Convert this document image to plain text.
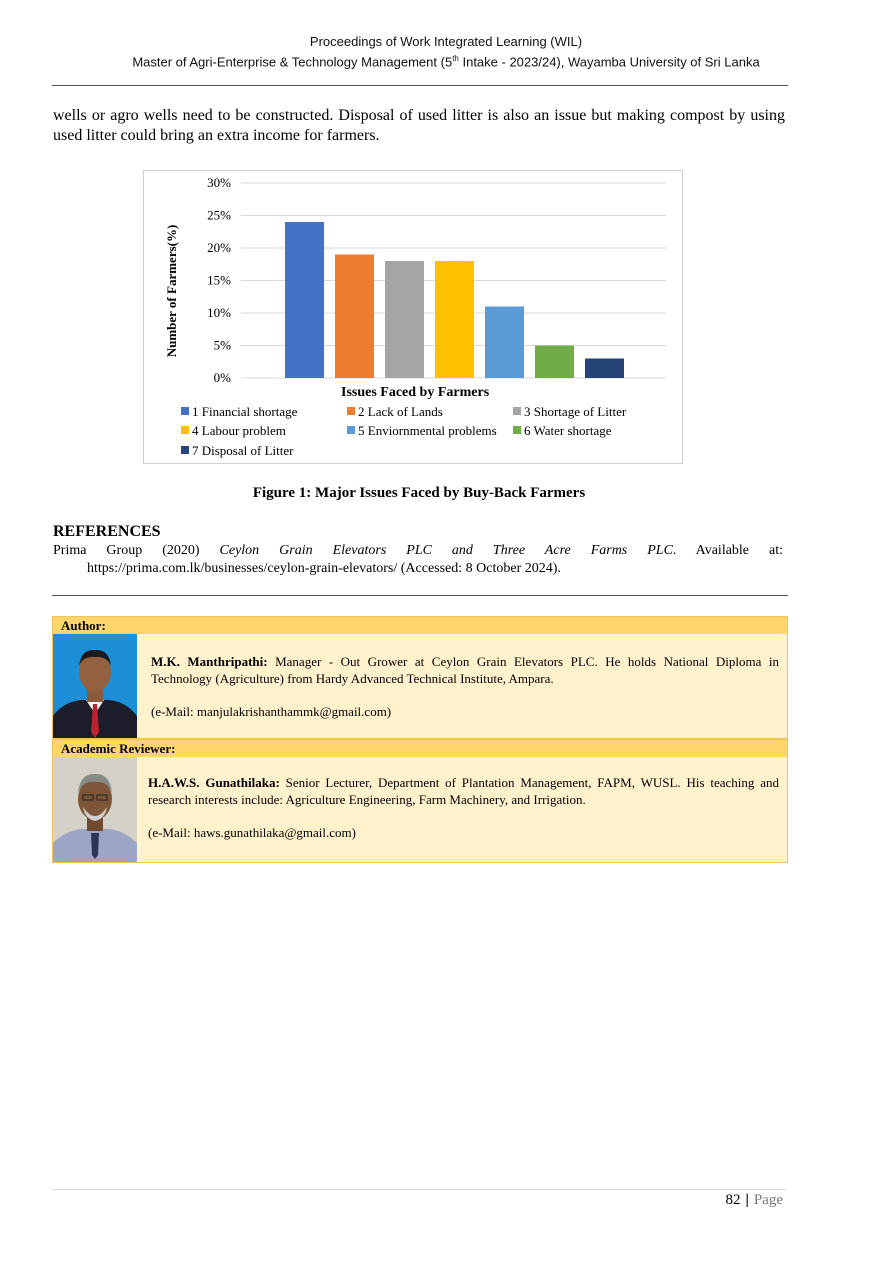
Proceedings of Work Integrated Learning (WIL)
Master of Agri-Enterprise & Technology Management (5th Intake - 2023/24), Wayamba University of Sri Lanka
wells or agro wells need to be constructed. Disposal of used litter is also an issue but making compost by using used litter could bring an extra income for farmers.
0%
5%
10%
15%
20%
25%
30%
Number of Farmers(%)
Issues Faced by Farmers
1 Financial shortage	2 Lack of Lands	3 Shortage of Litter
4 Labour problem	5 Enviornmental problems	6 Water shortage
7 Disposal of Litter
Figure 1: Major Issues Faced by Buy-Back Farmers
REFERENCES
Prima Group (2020) Ceylon Grain Elevators PLC and Three Acre Farms PLC. Available at:
https://prima.com.lk/businesses/ceylon-grain-elevators/ (Accessed: 8 October 2024).
Author:

M.K. Manthripathi: Manager - Out Grower at Ceylon Grain Elevators PLC. He holds National Diploma in Technology (Agriculture) from Hardy Advanced Technical Institute, Ampara.

(e-Mail: manjulakrishanthammk@gmail.com)

Academic Reviewer:

H.A.W.S. Gunathilaka: Senior Lecturer, Department of Plantation Management, FAPM, WUSL. His teaching and research interests include: Agriculture Engineering, Farm Machinery, and Irrigation.

(e-Mail: haws.gunathilaka@gmail.com)

82 | Page
